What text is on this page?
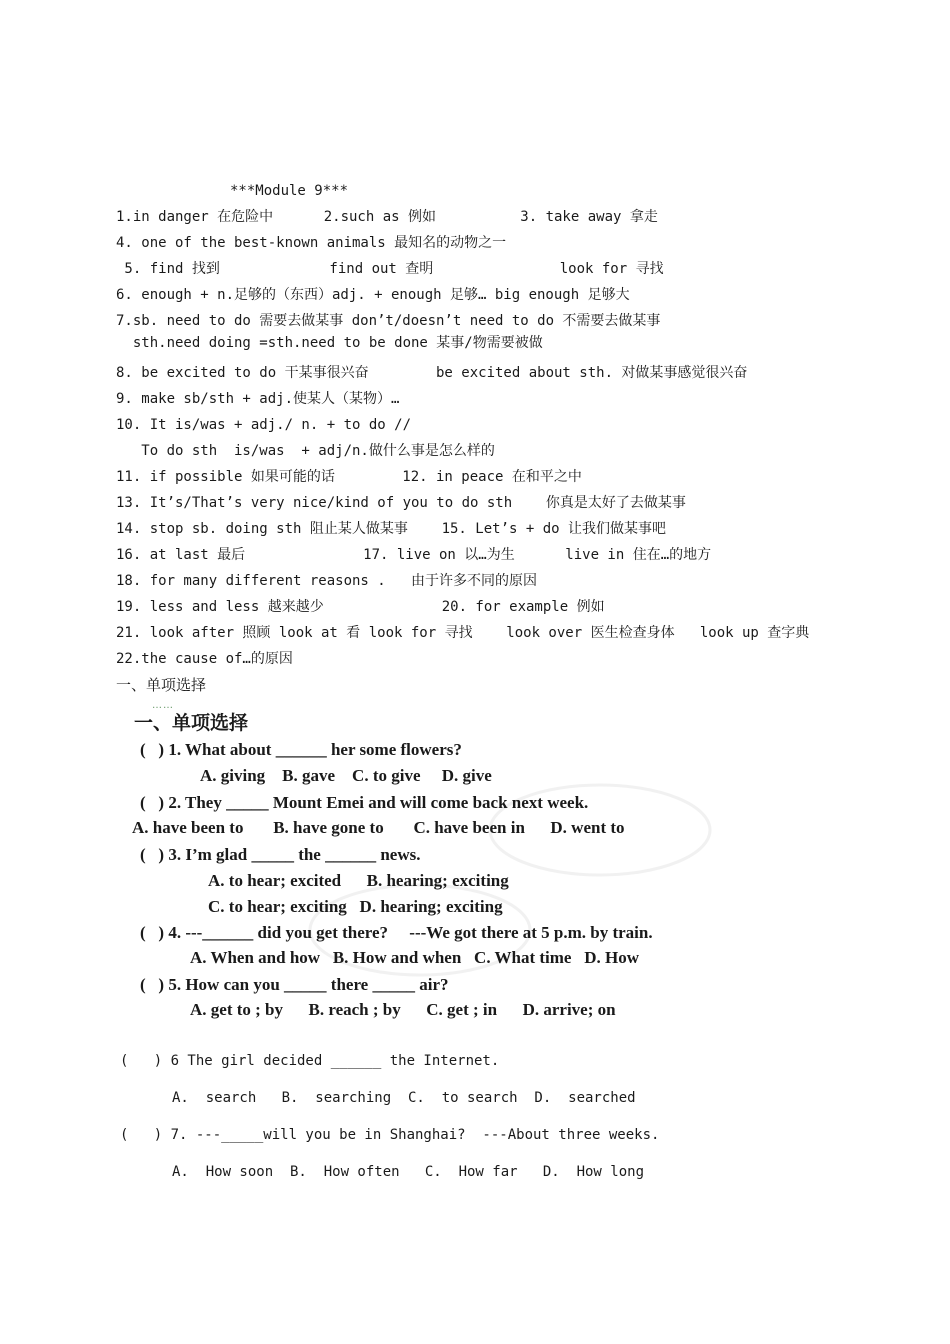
***Module 9***
1.in danger 在危险中      2.such as 例如          3. take away 拿走
4. one of the best-known animals 最知名的动物之一
5. find 找到             find out 查明               look for 寻找
6. enough + n.足够的（东西）adj. + enough 足够… big enough 足够大
7.sb. need to do 需要去做某事 don’t/doesn’t need to do 不需要去做某事
sth.need doing =sth.need to be done 某事/物需要被做
8. be excited to do 干某事很兴奋        be excited about sth. 对做某事感觉很兴奋
9. make sb/sth + adj.使某人（某物）…
10. It is/was + adj./ n. + to do //
To do sth  is/was  + adj/n.做什么事是怎么样的
11. if possible 如果可能的话        12. in peace 在和平之中
13. It’s/That’s very nice/kind of you to do sth    你真是太好了去做某事
14. stop sb. doing sth 阻止某人做某事    15. Let’s + do 让我们做某事吧
16. at last 最后              17. live on 以…为生      live in 住在…的地方
18. for many different reasons .   由于许多不同的原因
19. less and less 越来越少              20. for example 例如
21. look after 照顾 look at 看 look for 寻找    look over 医生检查身体   look up 查字典
22.the cause of…的原因
一、单项选择
……
一、单项选择
(   ) 1. What about ______ her some flowers?
A. giving    B. gave    C. to give     D. give
(   ) 2. They _____ Mount Emei and will come back next week.
A. have been to       B. have gone to       C. have been in      D. went to
(   ) 3. I’m glad _____ the ______ news.
A. to hear; excited      B. hearing; exciting
C. to hear; exciting   D. hearing; exciting
(   ) 4. ---______ did you get there?     ---We got there at 5 p.m. by train.
A. When and how   B. How and when   C. What time   D. How
(   ) 5. How can you _____ there _____ air?
A. get to ; by      B. reach ; by      C. get ; in      D. arrive; on
(   ) 6 The girl decided ______ the Internet.
A.  search   B.  searching  C.  to search  D.  searched
(   ) 7. ---_____will you be in Shanghai?  ---About three weeks.
A.  How soon  B.  How often   C.  How far   D.  How long
